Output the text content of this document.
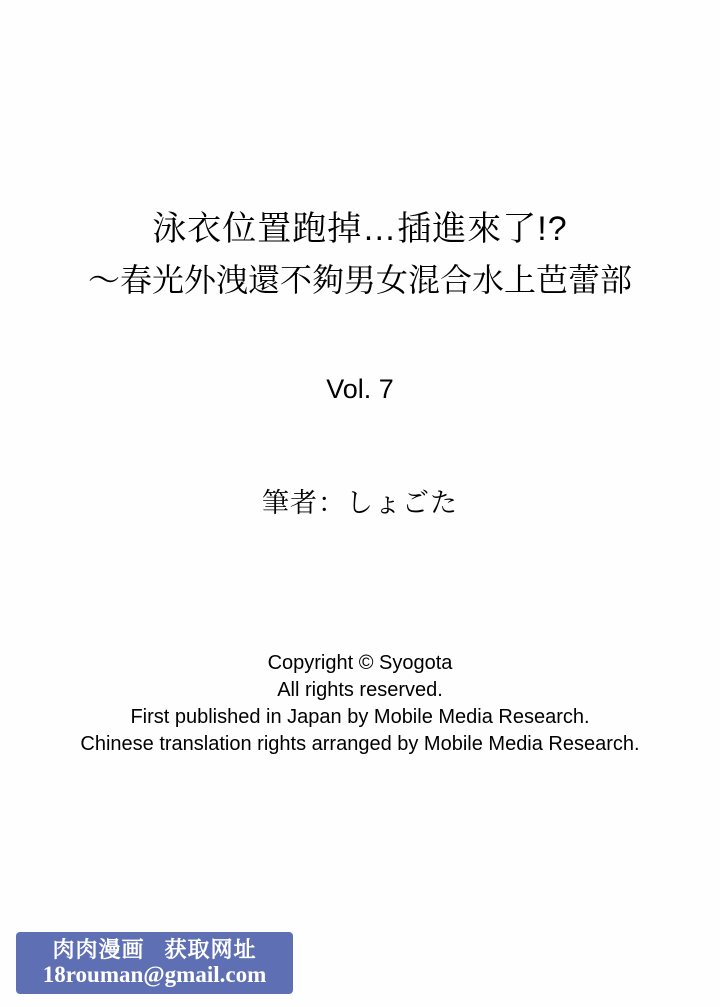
泳衣位置跑掉…插進來了!?
～春光外洩還不夠男女混合水上芭蕾部
Vol. 7
筆者：しょごた
Copyright © Syogota
All rights reserved.
First published in Japan by Mobile Media Research.
Chinese translation rights arranged by Mobile Media Research.
肉肉漫画 获取网址
18rouman@gmail.com
